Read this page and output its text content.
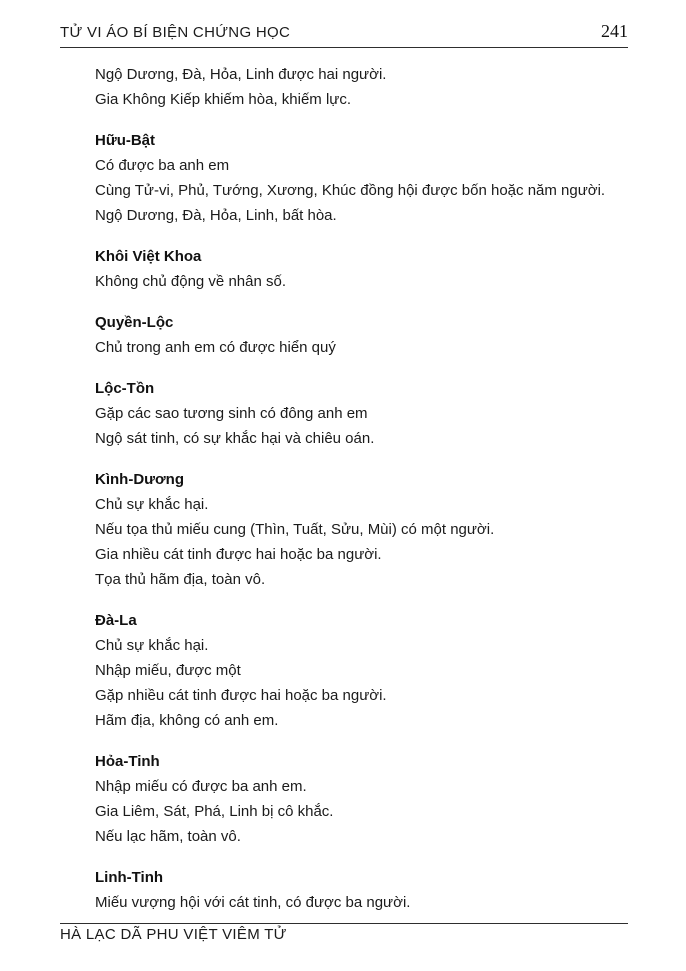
TỬ VI ÁO BÍ BIỆN CHỨNG HỌC	241

Ngộ Dương, Đà, Hỏa, Linh được hai người.

Gia Không Kiếp khiếm hòa, khiếm lực.

Hữu-Bật

Có được ba anh em

Cùng Tử-vi, Phủ, Tướng, Xương, Khúc đồng hội được bốn hoặc năm người.

Ngộ Dương, Đà, Hỏa, Linh, bất hòa.

Khôi Việt Khoa

Không chủ động về nhân số.

Quyền-Lộc

Chủ trong anh em có được hiển quý

Lộc-Tồn

Gặp các sao tương sinh có đông anh em

Ngộ sát tinh, có sự khắc hại và chiêu oán.

Kình-Dương

Chủ sự khắc hại.

Nếu tọa thủ miếu cung (Thìn, Tuất, Sửu, Mùi) có một người.

Gia nhiều cát tinh được hai hoặc ba người.

Tọa thủ hãm địa, toàn vô.

Đà-La

Chủ sự khắc hại.

Nhập miếu, được một

Gặp nhiều cát tinh được hai hoặc ba người.

Hãm địa, không có anh em.

Hỏa-Tinh

Nhập miếu có được ba anh em.

Gia Liêm, Sát, Phá, Linh bị cô khắc.

Nếu lạc hãm, toàn vô.

Linh-Tinh

Miếu vượng hội với cát tinh, có được ba người.

HÀ LẠC DÃ PHU VIỆT VIÊM TỬ
